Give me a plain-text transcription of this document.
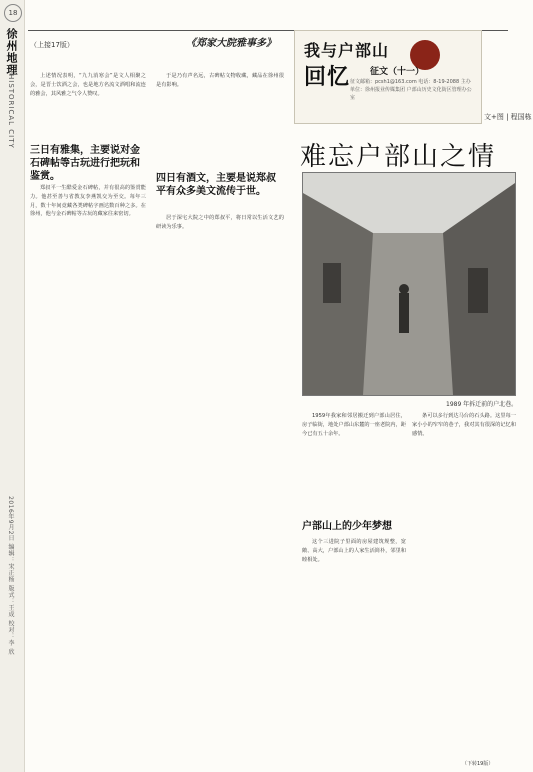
18
徐州地理
HISTORICAL CITY
2016年9月2日 编辑：宋正杨 版式：王成 校对：李 欣
（上接17版）	《郑家大院雅事多》 我与户部山
回忆 征文（十一）
征文邮箱：pcsh1@163.com 电话：8-19-2088 主办单位：徐州报业传媒集团 户部山历史文化街区管理办公室
文+图 | 程国栋
难忘户部山之情
1989 年拆迁前的户北巷。

上述情况表明，“九九消寒会”是文人相聚之会，是晋士饮酒之会，也是地方名流文酒唱和流连的雅会，其风雅之气令人赞叹。

三日有雅集，主要说对金石碑帖等古玩进行把玩和鉴赏。

郑叔平一生酷爱金石碑帖，并有很高的鉴赏能力。他甚至善与省教友李燕凯交为至交。每年三月，数十年间竟藏各类碑帖字画达数百种之多。在徐州，他与金石碑帖等古玩的藏家往来密切。

于是乃有声名远，古碑帖文物收藏，藏品在徐州很是有影响。

四日有酒文，主要是说郑叔平有众多美文流传于世。

居于深宅大院之中的郑叔平，将日常以生活文艺的研读为乐事。

1959年我家和邻居搬迁到户部山居住，房子临街，地处户部山东麓的一座老院内，距今已有五十余年。

户部山上的少年梦想

这个三进院子里面的房屋建筑规整，宽敞、高大，户部山上的人家生活简朴，邻里和睦相处。

条可以多行到达马台的石头路。这里每一家小小的窄窄的巷子，我对其有很深的记忆和感情。

（下转19版）
